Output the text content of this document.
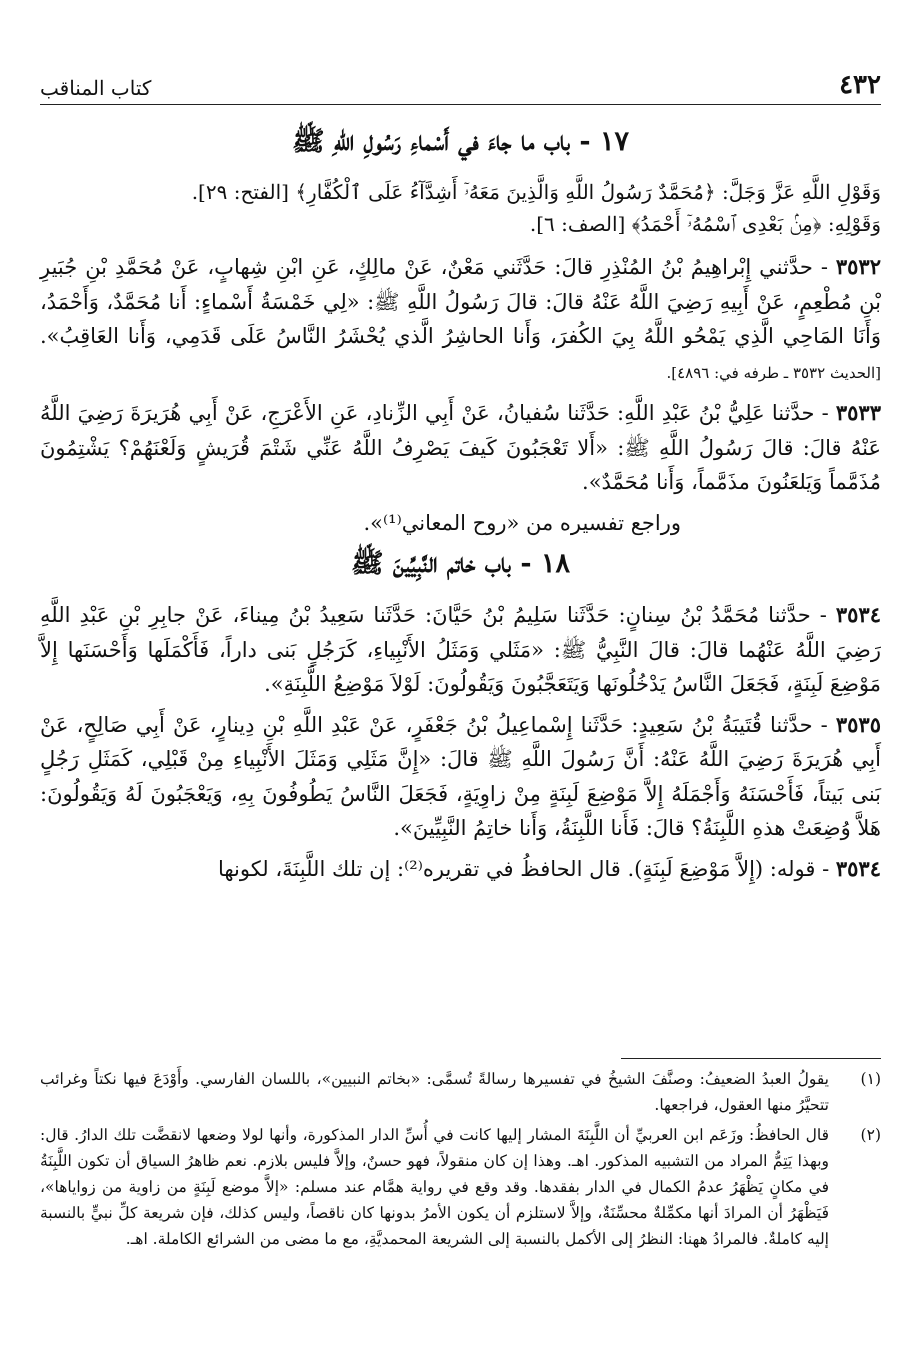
٤٣٢
كتاب المناقب
١٧ - باب ما جاءَ في أَسْماءِ رَسُولِ اللهِ ﷺ

وَقَوْلِ اللَّهِ عَزَّ وَجَلَّ: ﴿مُحَمَّدٌ رَسُولُ اللَّهِ وَالَّذِينَ مَعَهُۥٓ أَشِدَّآءُ عَلَى ٱلْكُفَّارِ﴾ [الفتح: ٢٩].
وَقَوْلِهِ: ﴿مِنۢ بَعْدِى ٱسْمُهُۥٓ أَحْمَدُ﴾ [الصف: ٦].

٣٥٣٢ - حدَّثني إِبْراهِيمُ بْنُ المُنْذِرِ قالَ: حَدَّثَني مَعْنٌ، عَنْ مالِكٍ، عَنِ ابْنِ شِهابٍ، عَنْ مُحَمَّدِ بْنِ جُبَيرِ بْنِ مُطْعِمٍ، عَنْ أَبِيهِ رَضِيَ اللَّهُ عَنْهُ قالَ: قالَ رَسُولُ اللَّهِ ﷺ: «لِي خَمْسَةُ أَسْماءٍ: أَنا مُحَمَّدٌ، وَأَحْمَدُ، وَأَنَا المَاحِي الَّذِي يَمْحُو اللَّهُ بِيَ الكُفرَ، وَأَنا الحاشِرُ الَّذي يُحْشَرُ النَّاسُ عَلَى قَدَمِي، وَأَنا العَاقِبُ». [الحديث ٣٥٣٢ ـ طرفه في: ٤٨٩٦].

٣٥٣٣ - حدَّثنا عَلِيُّ بْنُ عَبْدِ اللَّهِ: حَدَّثَنا سُفيانُ، عَنْ أَبِي الزِّنادِ، عَنِ الأَعْرَجِ، عَنْ أَبِي هُرَيرَةَ رَضِيَ اللَّهُ عَنْهُ قالَ: قالَ رَسُولُ اللَّهِ ﷺ: «أَلا تَعْجَبُونَ كَيفَ يَصْرِفُ اللَّهُ عَنِّي شَتْمَ قُرَيشٍ وَلَعْنَهُمْ؟ يَشْتِمُونَ مُذَمَّماً وَيَلعَنُونَ مذَمَّماً، وَأَنا مُحَمَّدٌ».

وراجع تفسيره من «روح المعاني⁽¹⁾».

١٨ - باب خاتم النَّبِيِّينَ ﷺ

٣٥٣٤ - حدَّثنا مُحَمَّدُ بْنُ سِنانٍ: حَدَّثَنا سَلِيمُ بْنُ حَيَّانَ: حَدَّثَنا سَعِيدُ بْنُ مِيناءَ، عَنْ جابِرِ بْنِ عَبْدِ اللَّهِ رَضِيَ اللَّهُ عَنْهُما قالَ: قالَ النَّبِيُّ ﷺ: «مَثَلي وَمَثَلُ الأَنْبِياءِ، كَرَجُلٍ بَنى داراً، فَأَكْمَلَها وَأَحْسَنَها إِلاَّ مَوْضِعَ لَبِنَةٍ، فَجَعَلَ النَّاسُ يَدْخُلُونَها وَيَتَعَجَّبُونَ وَيَقُولُونَ: لَوْلاَ مَوْضِعُ اللَّبِنَةِ».

٣٥٣٥ - حدَّثنا قُتَيبَةُ بْنُ سَعِيدٍ: حَدَّثَنا إِسْماعِيلُ بْنُ جَعْفَرٍ، عَنْ عَبْدِ اللَّهِ بْنِ دِينارٍ، عَنْ أَبِي صَالِحٍ، عَنْ أَبِي هُرَيرَةَ رَضِيَ اللَّهُ عَنْهُ: أَنَّ رَسُولَ اللَّهِ ﷺ قالَ: «إِنَّ مَثَلِي وَمَثَلَ الأَنْبِياءِ مِنْ قَبْلِي، كَمَثَلِ رَجُلٍ بَنى بَيتاً، فَأَحْسَنَهُ وَأَجْمَلَهُ إِلاَّ مَوْضِعَ لَبِنَةٍ مِنْ زاوِيَةٍ، فَجَعَلَ النَّاسُ يَطُوفُونَ بِهِ، وَيَعْجَبُونَ لَهُ وَيَقُولُونَ: هَلاَّ وُضِعَتْ هذهِ اللَّبِنَةُ؟ قالَ: فَأَنا اللَّبِنَةُ، وَأَنا خاتِمُ النَّبِيِّينَ».

٣٥٣٤ - قوله: (إِلاَّ مَوْضِعَ لَبِنَةٍ). قال الحافظُ في تقريره⁽²⁾: إن تلك اللَّبِنَةَ، لكونها

(١)
يقولُ العبدُ الضعيفُ: وصنَّفَ الشيخُ في تفسيرها رسالةً تُسمَّى: «بخاتم النبيين»، باللسان الفارسي. وأَوْدَعَ فيها نكتاً وغرائب تتحيَّرُ منها العقول، فراجعها.
(٢)
قال الحافظُ: وزَعَم ابن العربيِّ أن اللَّبِنَةَ المشار إليها كانت في أُسِّ الدار المذكورة، وأنها لولا وضعها لانقضَّت تلك الدارُ. قال: وبهذا يَتِمُّ المراد من التشبيه المذكور. اهـ. وهذا إن كان منقولاً، فهو حسنٌ، وإلاَّ فليس بلازم. نعم ظاهرُ السياق أن تكون اللَّبِنَةُ في مكانٍ يَظْهَرُ عدمُ الكمال في الدار بفقدها. وقد وقع في رواية همَّام عند مسلم: «إلاَّ موضع لَبِنَةٍ من زاوية من زواياها»، فَيَظْهَرُ أن المرادَ أنها مكمِّلةٌ محسِّنَةٌ، وإلاَّ لاستلزم أن يكون الأمرُ بدونها كان ناقصاً، وليس كذلك، فإن شريعة كلِّ نبيٍّ بالنسبة إليه كاملةٌ. فالمرادُ ههنا: النظرُ إلى الأكمل بالنسبة إلى الشريعة المحمديَّةِ، مع ما مضى من الشرائع الكاملة. اهـ.
